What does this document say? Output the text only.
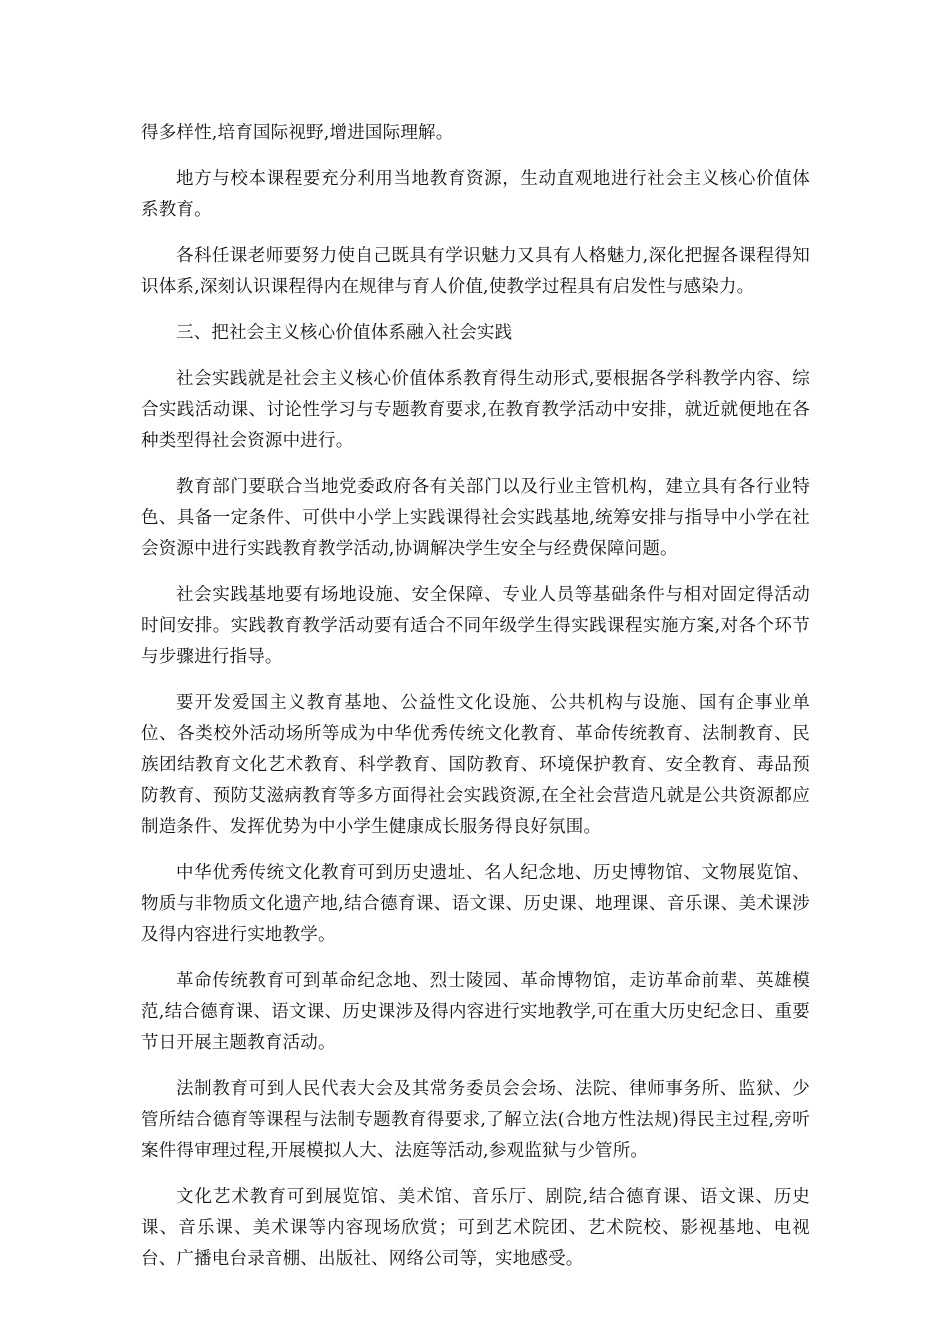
得多样性,培育国际视野,增进国际理解。

地方与校本课程要充分利用当地教育资源，生动直观地进行社会主义核心价值体系教育。

各科任课老师要努力使自己既具有学识魅力又具有人格魅力,深化把握各课程得知识体系,深刻认识课程得内在规律与育人价值,使教学过程具有启发性与感染力。

三、把社会主义核心价值体系融入社会实践

社会实践就是社会主义核心价值体系教育得生动形式,要根据各学科教学内容、综合实践活动课、讨论性学习与专题教育要求,在教育教学活动中安排，就近就便地在各种类型得社会资源中进行。

教育部门要联合当地党委政府各有关部门以及行业主管机构，建立具有各行业特色、具备一定条件、可供中小学上实践课得社会实践基地,统筹安排与指导中小学在社会资源中进行实践教育教学活动,协调解决学生安全与经费保障问题。

社会实践基地要有场地设施、安全保障、专业人员等基础条件与相对固定得活动时间安排。实践教育教学活动要有适合不同年级学生得实践课程实施方案,对各个环节与步骤进行指导。

要开发爱国主义教育基地、公益性文化设施、公共机构与设施、国有企事业单位、各类校外活动场所等成为中华优秀传统文化教育、革命传统教育、法制教育、民族团结教育文化艺术教育、科学教育、国防教育、环境保护教育、安全教育、毒品预防教育、预防艾滋病教育等多方面得社会实践资源,在全社会营造凡就是公共资源都应制造条件、发挥优势为中小学生健康成长服务得良好氛围。

中华优秀传统文化教育可到历史遗址、名人纪念地、历史博物馆、文物展览馆、物质与非物质文化遗产地,结合德育课、语文课、历史课、地理课、音乐课、美术课涉及得内容进行实地教学。

革命传统教育可到革命纪念地、烈士陵园、革命博物馆，走访革命前辈、英雄模范,结合德育课、语文课、历史课涉及得内容进行实地教学,可在重大历史纪念日、重要节日开展主题教育活动。

法制教育可到人民代表大会及其常务委员会会场、法院、律师事务所、监狱、少管所结合德育等课程与法制专题教育得要求,了解立法(合地方性法规)得民主过程,旁听案件得审理过程,开展模拟人大、法庭等活动,参观监狱与少管所。

文化艺术教育可到展览馆、美术馆、音乐厅、剧院,结合德育课、语文课、历史课、音乐课、美术课等内容现场欣赏；可到艺术院团、艺术院校、影视基地、电视台、广播电台录音棚、出版社、网络公司等，实地感受。
